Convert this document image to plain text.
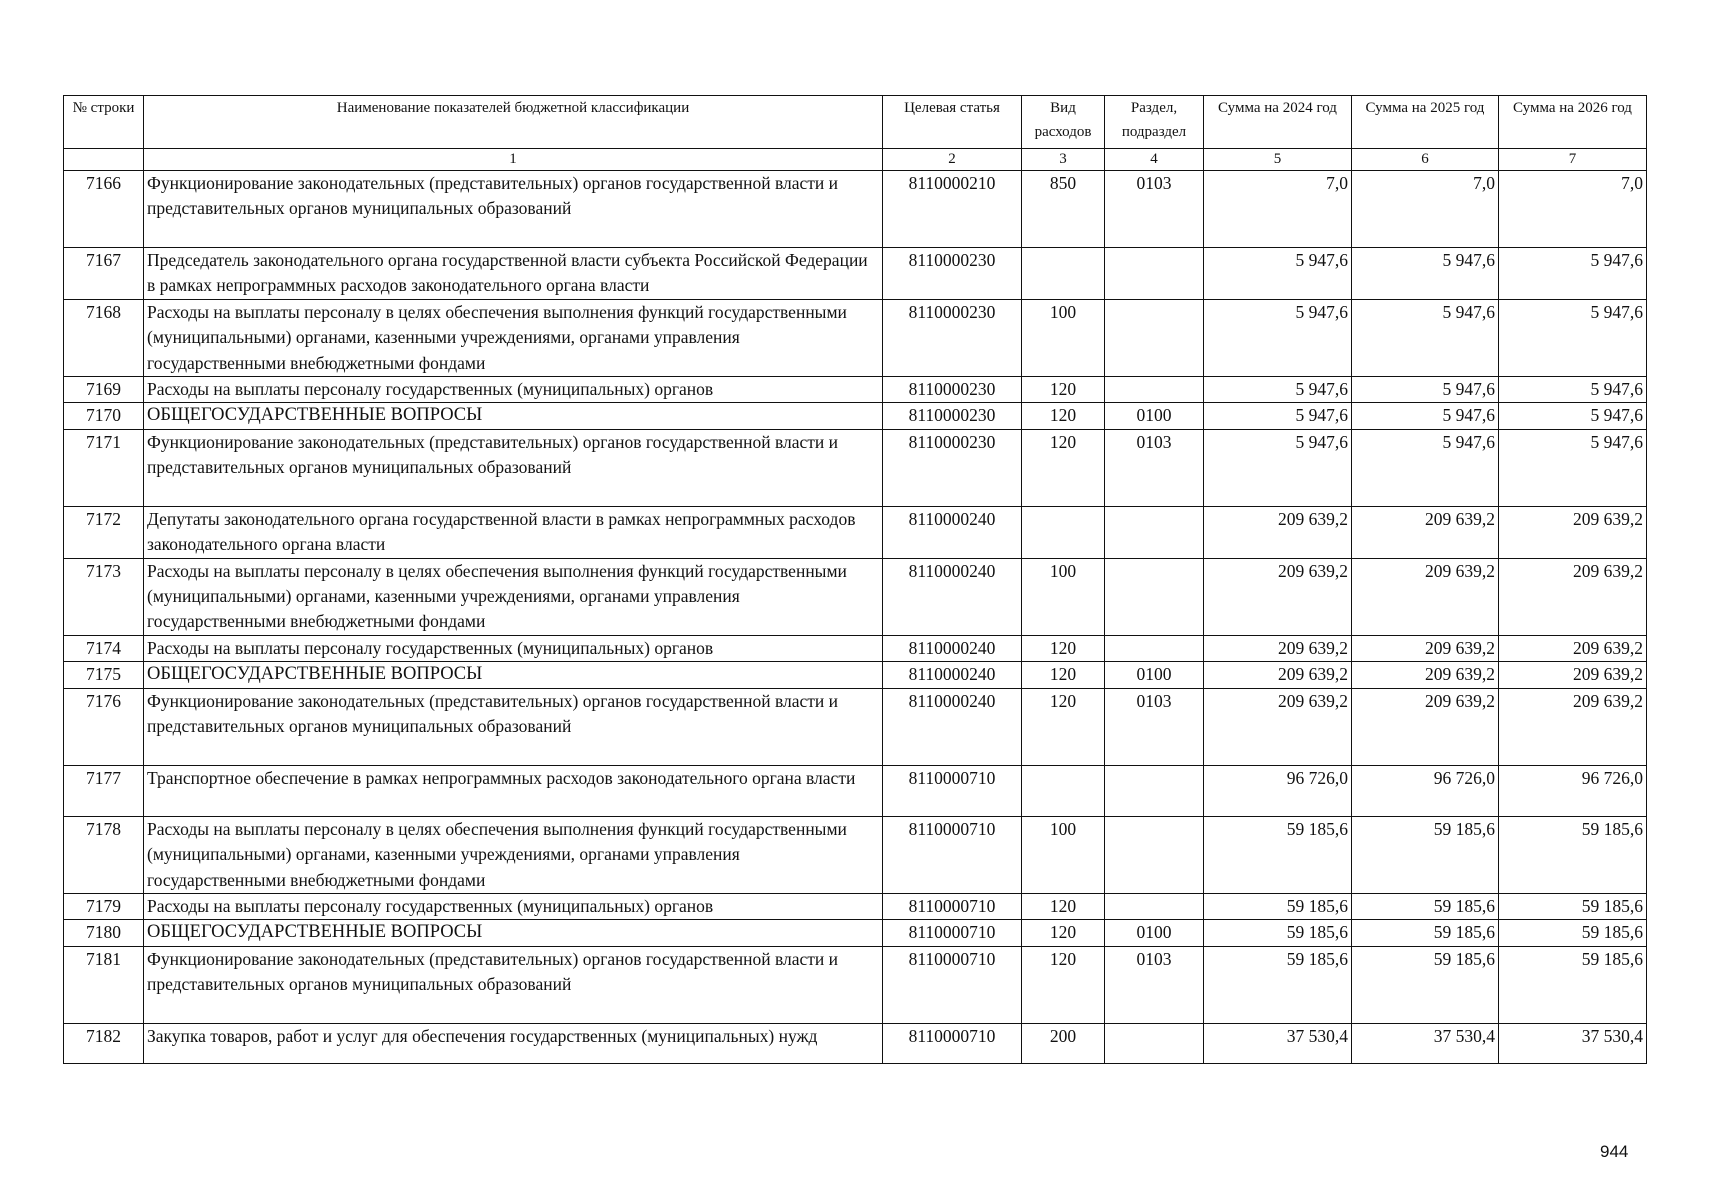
№ строки	Наименование показателей бюджетной классификации	Целевая статья	Вид расходов	Раздел, подраздел	Сумма на 2024 год	Сумма на 2025 год	Сумма на 2026 год
	1	2	3	4	5	6	7
7166	Функционирование законодательных (представительных) органов государственной власти и представительных органов муниципальных образований	8110000210	850	0103	7,0	7,0	7,0
7167	Председатель законодательного органа государственной власти субъекта Российской Федерации в рамках непрограммных расходов законодательного органа власти	8110000230			5 947,6	5 947,6	5 947,6
7168	Расходы на выплаты персоналу в целях обеспечения выполнения функций государственными (муниципальными) органами, казенными учреждениями, органами управления государственными внебюджетными фондами	8110000230	100		5 947,6	5 947,6	5 947,6
7169	Расходы на выплаты персоналу государственных (муниципальных) органов	8110000230	120		5 947,6	5 947,6	5 947,6
7170	ОБЩЕГОСУДАРСТВЕННЫЕ ВОПРОСЫ	8110000230	120	0100	5 947,6	5 947,6	5 947,6
7171	Функционирование законодательных (представительных) органов государственной власти и представительных органов муниципальных образований	8110000230	120	0103	5 947,6	5 947,6	5 947,6
7172	Депутаты законодательного органа государственной власти в рамках непрограммных расходов законодательного органа власти	8110000240			209 639,2	209 639,2	209 639,2
7173	Расходы на выплаты персоналу в целях обеспечения выполнения функций государственными (муниципальными) органами, казенными учреждениями, органами управления государственными внебюджетными фондами	8110000240	100		209 639,2	209 639,2	209 639,2
7174	Расходы на выплаты персоналу государственных (муниципальных) органов	8110000240	120		209 639,2	209 639,2	209 639,2
7175	ОБЩЕГОСУДАРСТВЕННЫЕ ВОПРОСЫ	8110000240	120	0100	209 639,2	209 639,2	209 639,2
7176	Функционирование законодательных (представительных) органов государственной власти и представительных органов муниципальных образований	8110000240	120	0103	209 639,2	209 639,2	209 639,2
7177	Транспортное обеспечение в рамках непрограммных расходов законодательного органа власти	8110000710			96 726,0	96 726,0	96 726,0
7178	Расходы на выплаты персоналу в целях обеспечения выполнения функций государственными (муниципальными) органами, казенными учреждениями, органами управления государственными внебюджетными фондами	8110000710	100		59 185,6	59 185,6	59 185,6
7179	Расходы на выплаты персоналу государственных (муниципальных) органов	8110000710	120		59 185,6	59 185,6	59 185,6
7180	ОБЩЕГОСУДАРСТВЕННЫЕ ВОПРОСЫ	8110000710	120	0100	59 185,6	59 185,6	59 185,6
7181	Функционирование законодательных (представительных) органов государственной власти и представительных органов муниципальных образований	8110000710	120	0103	59 185,6	59 185,6	59 185,6
7182	Закупка товаров, работ и услуг для обеспечения государственных (муниципальных) нужд	8110000710	200		37 530,4	37 530,4	37 530,4
944
